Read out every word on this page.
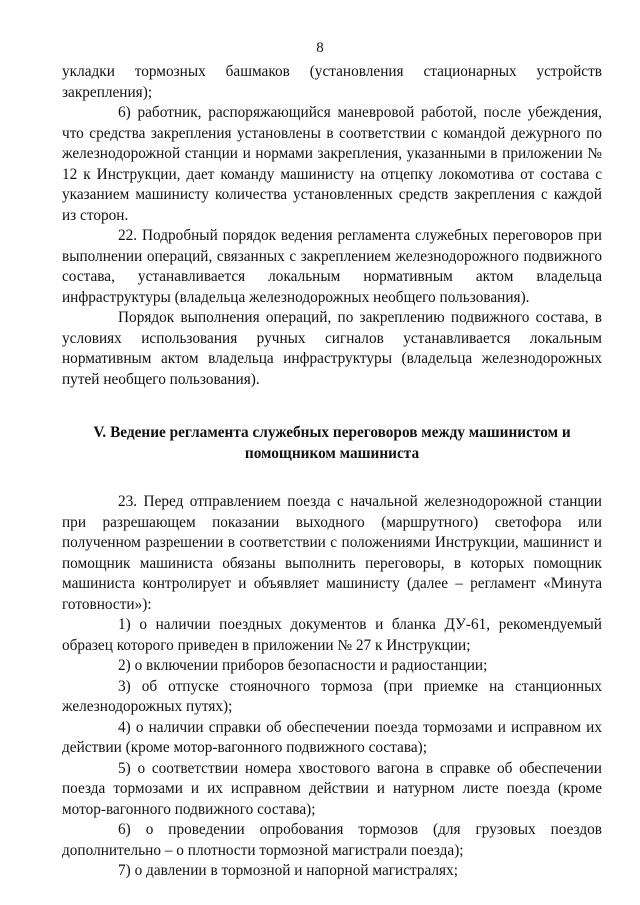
8

укладки тормозных башмаков (установления стационарных устройств закрепления);

6) работник, распоряжающийся маневровой работой, после убеждения, что средства закрепления установлены в соответствии с командой дежурного по железнодорожной станции и нормами закрепления, указанными в приложении № 12 к Инструкции, дает команду машинисту на отцепку локомотива от состава с указанием машинисту количества установленных средств закрепления с каждой из сторон.

22. Подробный порядок ведения регламента служебных переговоров при выполнении операций, связанных с закреплением железнодорожного подвижного состава, устанавливается локальным нормативным актом владельца инфраструктуры (владельца железнодорожных необщего пользования).

Порядок выполнения операций, по закреплению подвижного состава, в условиях использования ручных сигналов устанавливается локальным нормативным актом владельца инфраструктуры (владельца железнодорожных путей необщего пользования).

V. Ведение регламента служебных переговоров между машинистом и
помощником машиниста

23. Перед отправлением поезда с начальной железнодорожной станции при разрешающем показании выходного (маршрутного) светофора или полученном разрешении в соответствии с положениями Инструкции, машинист и помощник машиниста обязаны выполнить переговоры, в которых помощник машиниста контролирует и объявляет машинисту (далее – регламент «Минута готовности»):

1) о наличии поездных документов и бланка ДУ-61, рекомендуемый образец которого приведен в приложении № 27 к Инструкции;

2) о включении приборов безопасности и радиостанции;

3) об отпуске стояночного тормоза (при приемке на станционных железнодорожных путях);

4) о наличии справки об обеспечении поезда тормозами и исправном их действии (кроме мотор-вагонного подвижного состава);

5) о соответствии номера хвостового вагона в справке об обеспечении поезда тормозами и их исправном действии и натурном листе поезда (кроме мотор-вагонного подвижного состава);

6) о проведении опробования тормозов (для грузовых поездов дополнительно – о плотности тормозной магистрали поезда);

7) о давлении в тормозной и напорной магистралях;
